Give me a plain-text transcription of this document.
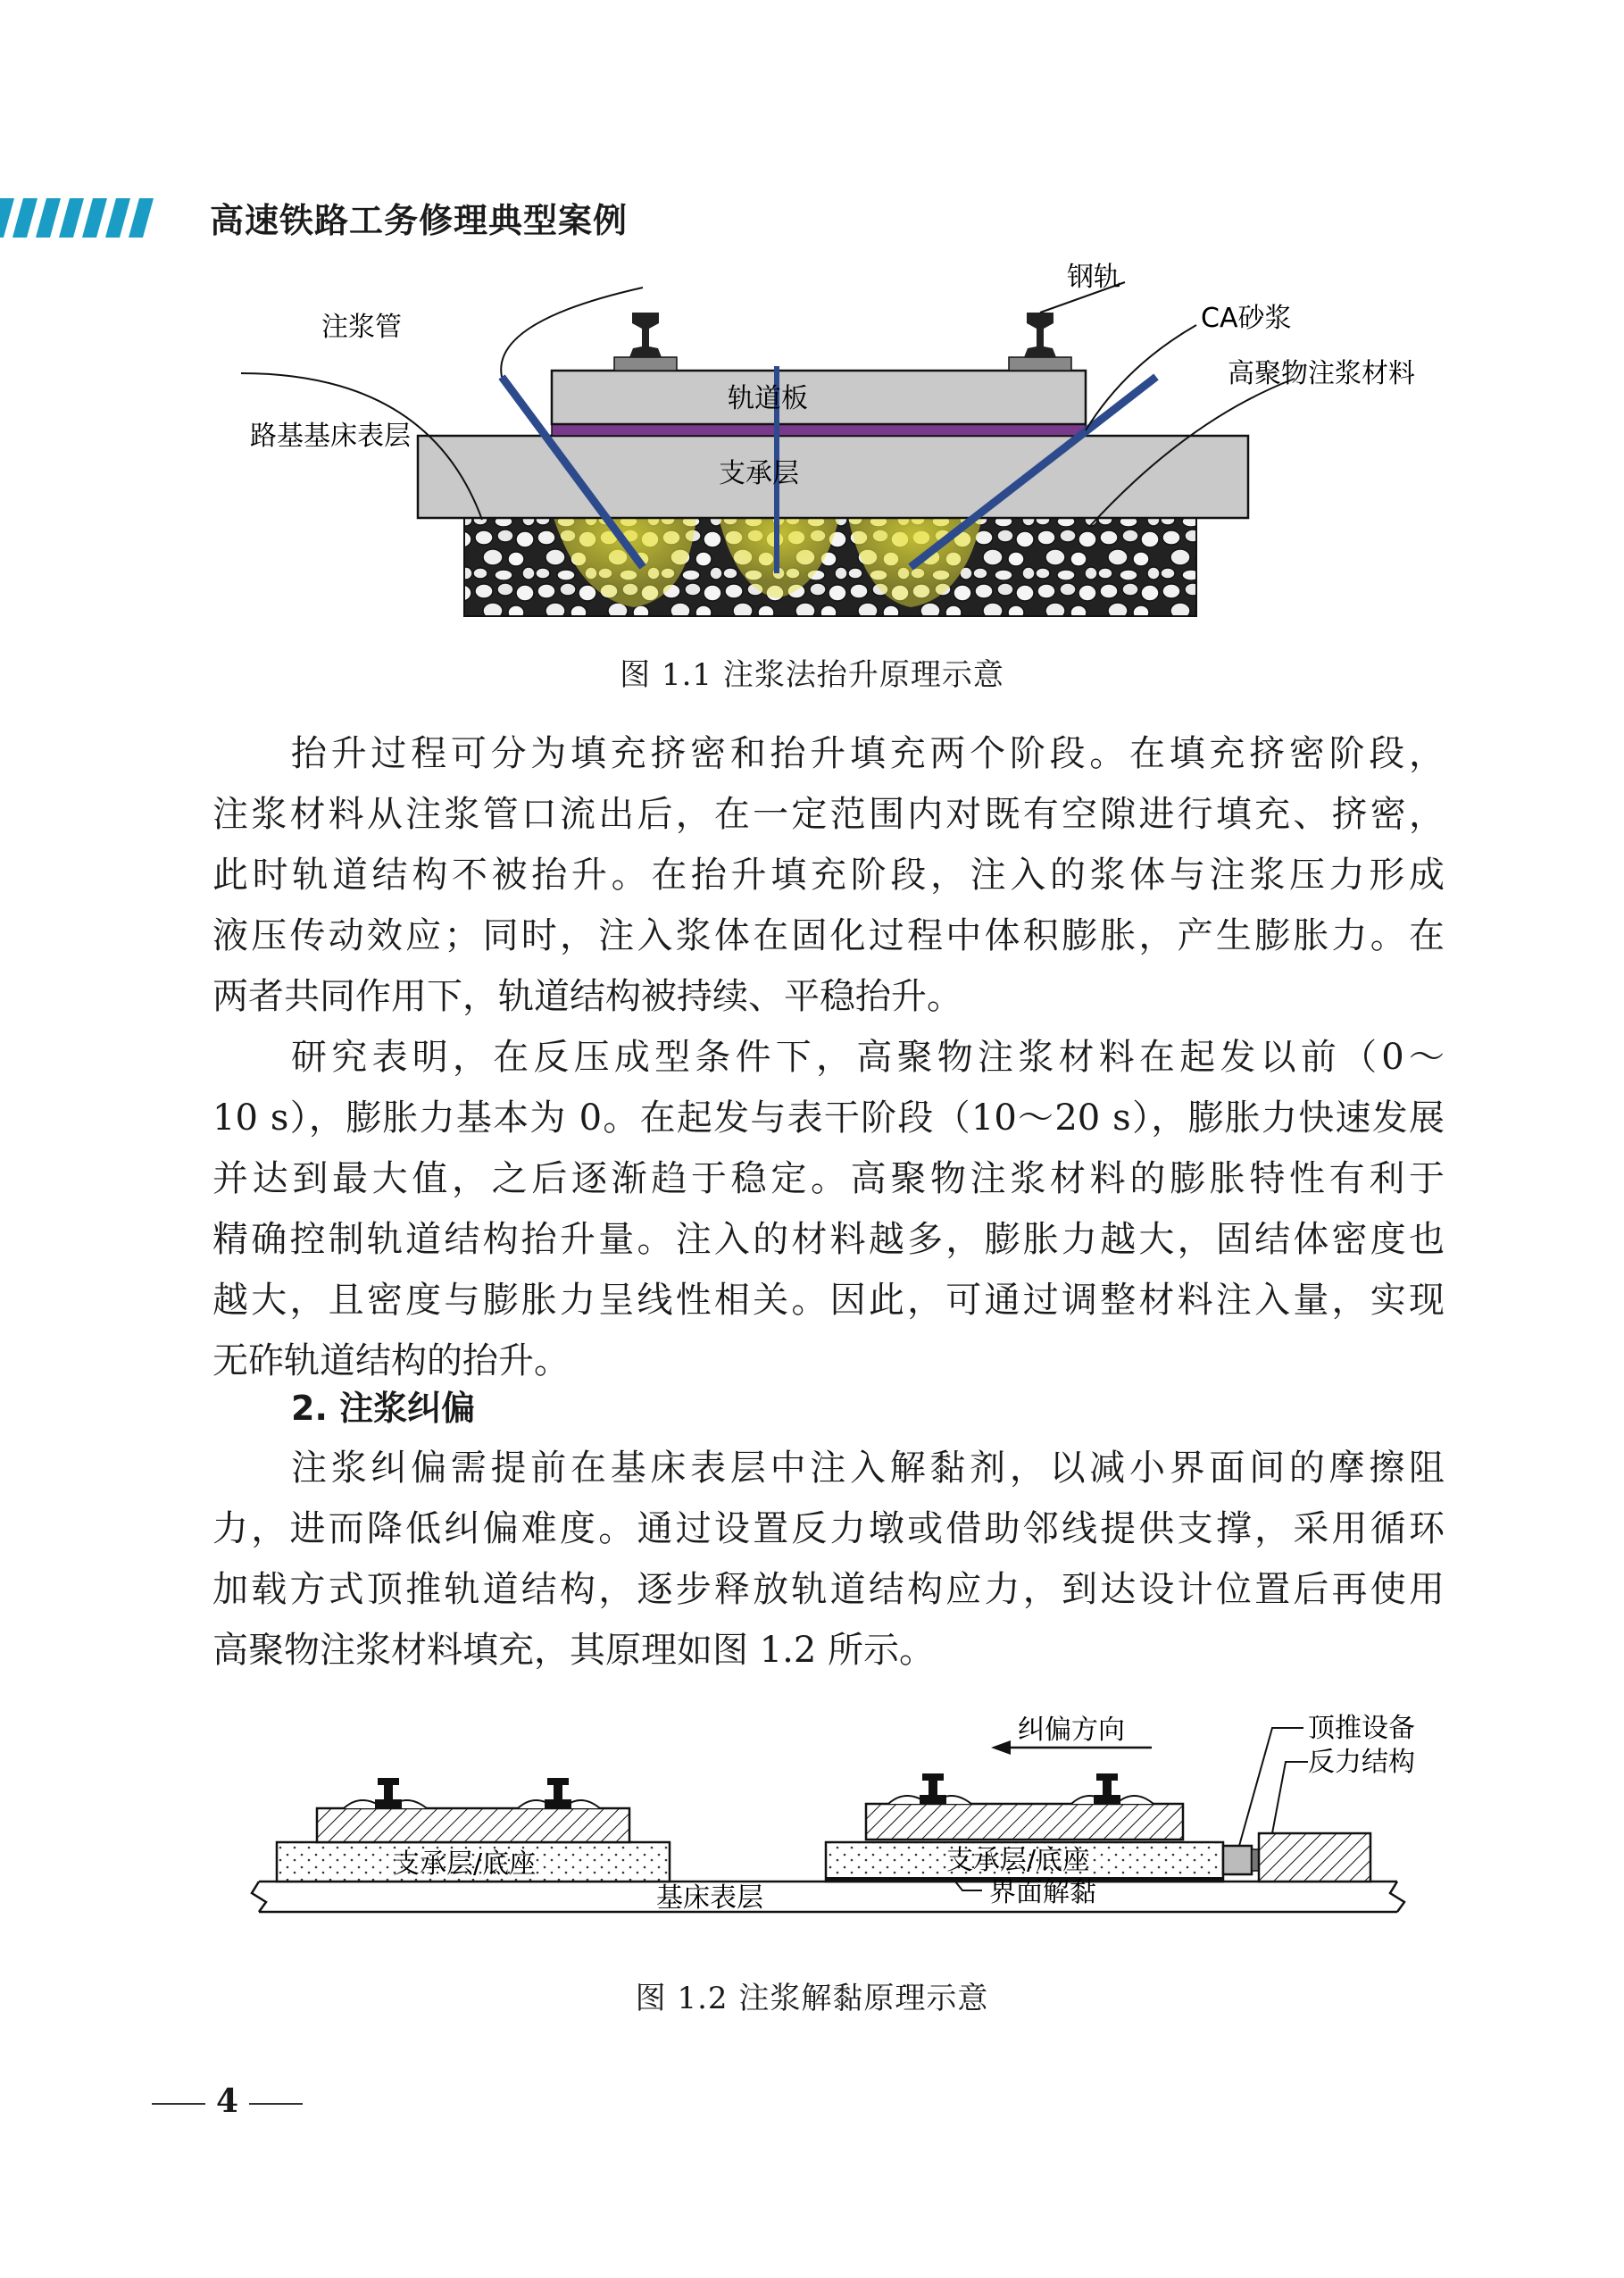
高速铁路工务修理典型案例
注浆管
钢轨
CA砂浆
高聚物注浆材料
路基基床表层
轨道板
支承层
图 1.1 注浆法抬升原理示意

抬升过程可分为填充挤密和抬升填充两个阶段。在填充挤密阶段，

注浆材料从注浆管口流出后，在一定范围内对既有空隙进行填充、挤密，

此时轨道结构不被抬升。在抬升填充阶段，注入的浆体与注浆压力形成

液压传动效应；同时，注入浆体在固化过程中体积膨胀，产生膨胀力。在

两者共同作用下，轨道结构被持续、平稳抬升。

研究表明，在反压成型条件下，高聚物注浆材料在起发以前（0～

10 s），膨胀力基本为 0。在起发与表干阶段（10～20 s），膨胀力快速发展

并达到最大值，之后逐渐趋于稳定。高聚物注浆材料的膨胀特性有利于

精确控制轨道结构抬升量。注入的材料越多，膨胀力越大，固结体密度也

越大，且密度与膨胀力呈线性相关。因此，可通过调整材料注入量，实现

无砟轨道结构的抬升。

2. 注浆纠偏

注浆纠偏需提前在基床表层中注入解黏剂，以减小界面间的摩擦阻

力，进而降低纠偏难度。通过设置反力墩或借助邻线提供支撑，采用循环

加载方式顶推轨道结构，逐步释放轨道结构应力，到达设计位置后再使用

高聚物注浆材料填充，其原理如图 1.2 所示。

纠偏方向	顶推设备
反力结构
支承层/底座	支承层/底座
基床表层	界面解黏
图 1.2 注浆解黏原理示意
4
